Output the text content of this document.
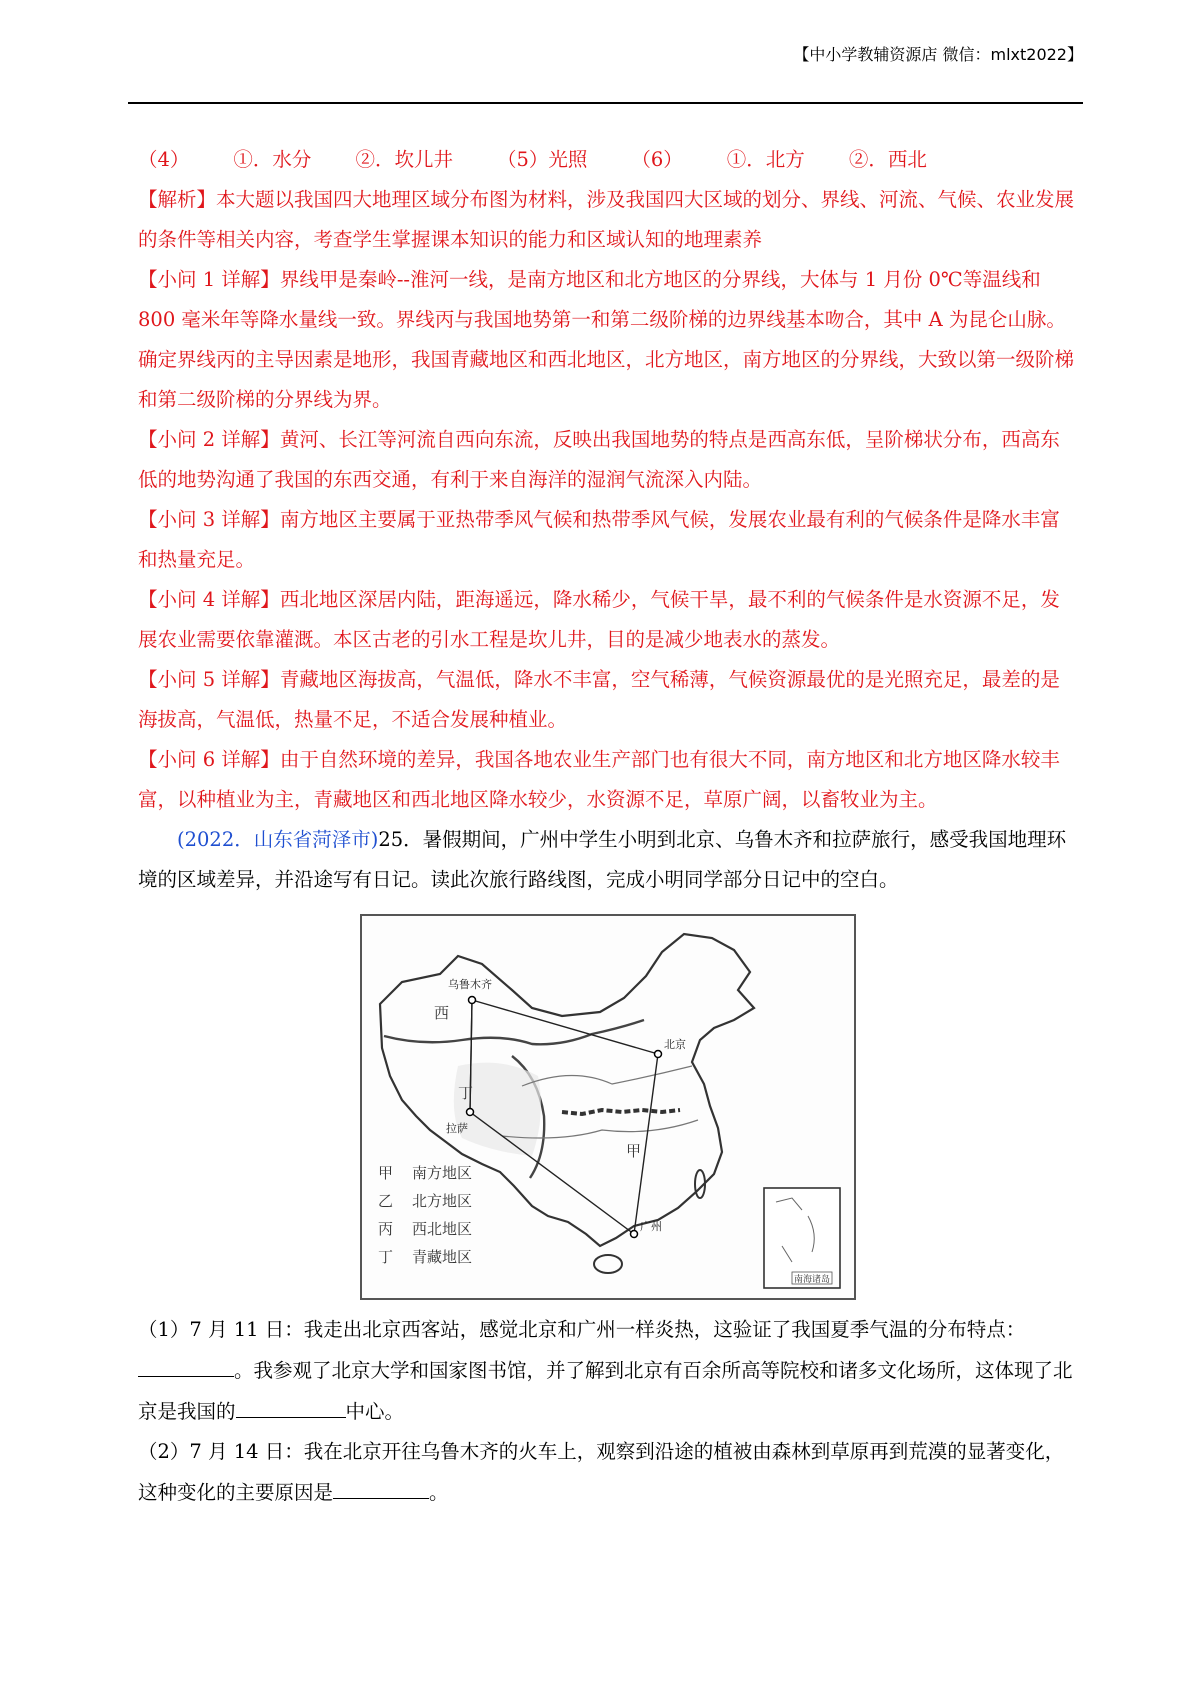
【中小学教辅资源店 微信：mlxt2022】

（4） ①．水分 ②．坎儿井 （5）光照 （6） ①．北方 ②．西北

【解析】本大题以我国四大地理区域分布图为材料，涉及我国四大区域的划分、界线、河流、气候、农业发展的条件等相关内容，考查学生掌握课本知识的能力和区域认知的地理素养

【小问 1 详解】界线甲是秦岭--淮河一线，是南方地区和北方地区的分界线，大体与 1 月份 0℃等温线和 800 毫米年等降水量线一致。界线丙与我国地势第一和第二级阶梯的边界线基本吻合，其中 A 为昆仑山脉。确定界线丙的主导因素是地形，我国青藏地区和西北地区，北方地区，南方地区的分界线，大致以第一级阶梯和第二级阶梯的分界线为界。

【小问 2 详解】黄河、长江等河流自西向东流，反映出我国地势的特点是西高东低，呈阶梯状分布，西高东低的地势沟通了我国的东西交通，有利于来自海洋的湿润气流深入内陆。

【小问 3 详解】南方地区主要属于亚热带季风气候和热带季风气候，发展农业最有利的气候条件是降水丰富和热量充足。

【小问 4 详解】西北地区深居内陆，距海遥远，降水稀少，气候干旱，最不利的气候条件是水资源不足，发展农业需要依靠灌溉。本区古老的引水工程是坎儿井，目的是减少地表水的蒸发。

【小问 5 详解】青藏地区海拔高，气温低，降水不丰富，空气稀薄，气候资源最优的是光照充足，最差的是海拔高，气温低，热量不足，不适合发展种植业。

【小问 6 详解】由于自然环境的差异，我国各地农业生产部门也有很大不同，南方地区和北方地区降水较丰富，以种植业为主，青藏地区和西北地区降水较少，水资源不足，草原广阔，以畜牧业为主。

(2022．山东省菏泽市)25．暑假期间，广州中学生小明到北京、乌鲁木齐和拉萨旅行，感受我国地理环境的区域差异，并沿途写有日记。读此次旅行路线图，完成小明同学部分日记中的空白。

乌鲁木齐
拉萨
北京
广州
西
丁
甲
甲 南方地区
乙 北方地区
丙 西北地区
丁 青藏地区
南海诸岛

（1）7 月 11 日：我走出北京西客站，感觉北京和广州一样炎热，这验证了我国夏季气温的分布特点：。我参观了北京大学和国家图书馆，并了解到北京有百余所高等院校和诸多文化场所，这体现了北京是我国的	中心。

（2）7 月 14 日：我在北京开往乌鲁木齐的火车上，观察到沿途的植被由森林到草原再到荒漠的显著变化，这种变化的主要原因是	。
